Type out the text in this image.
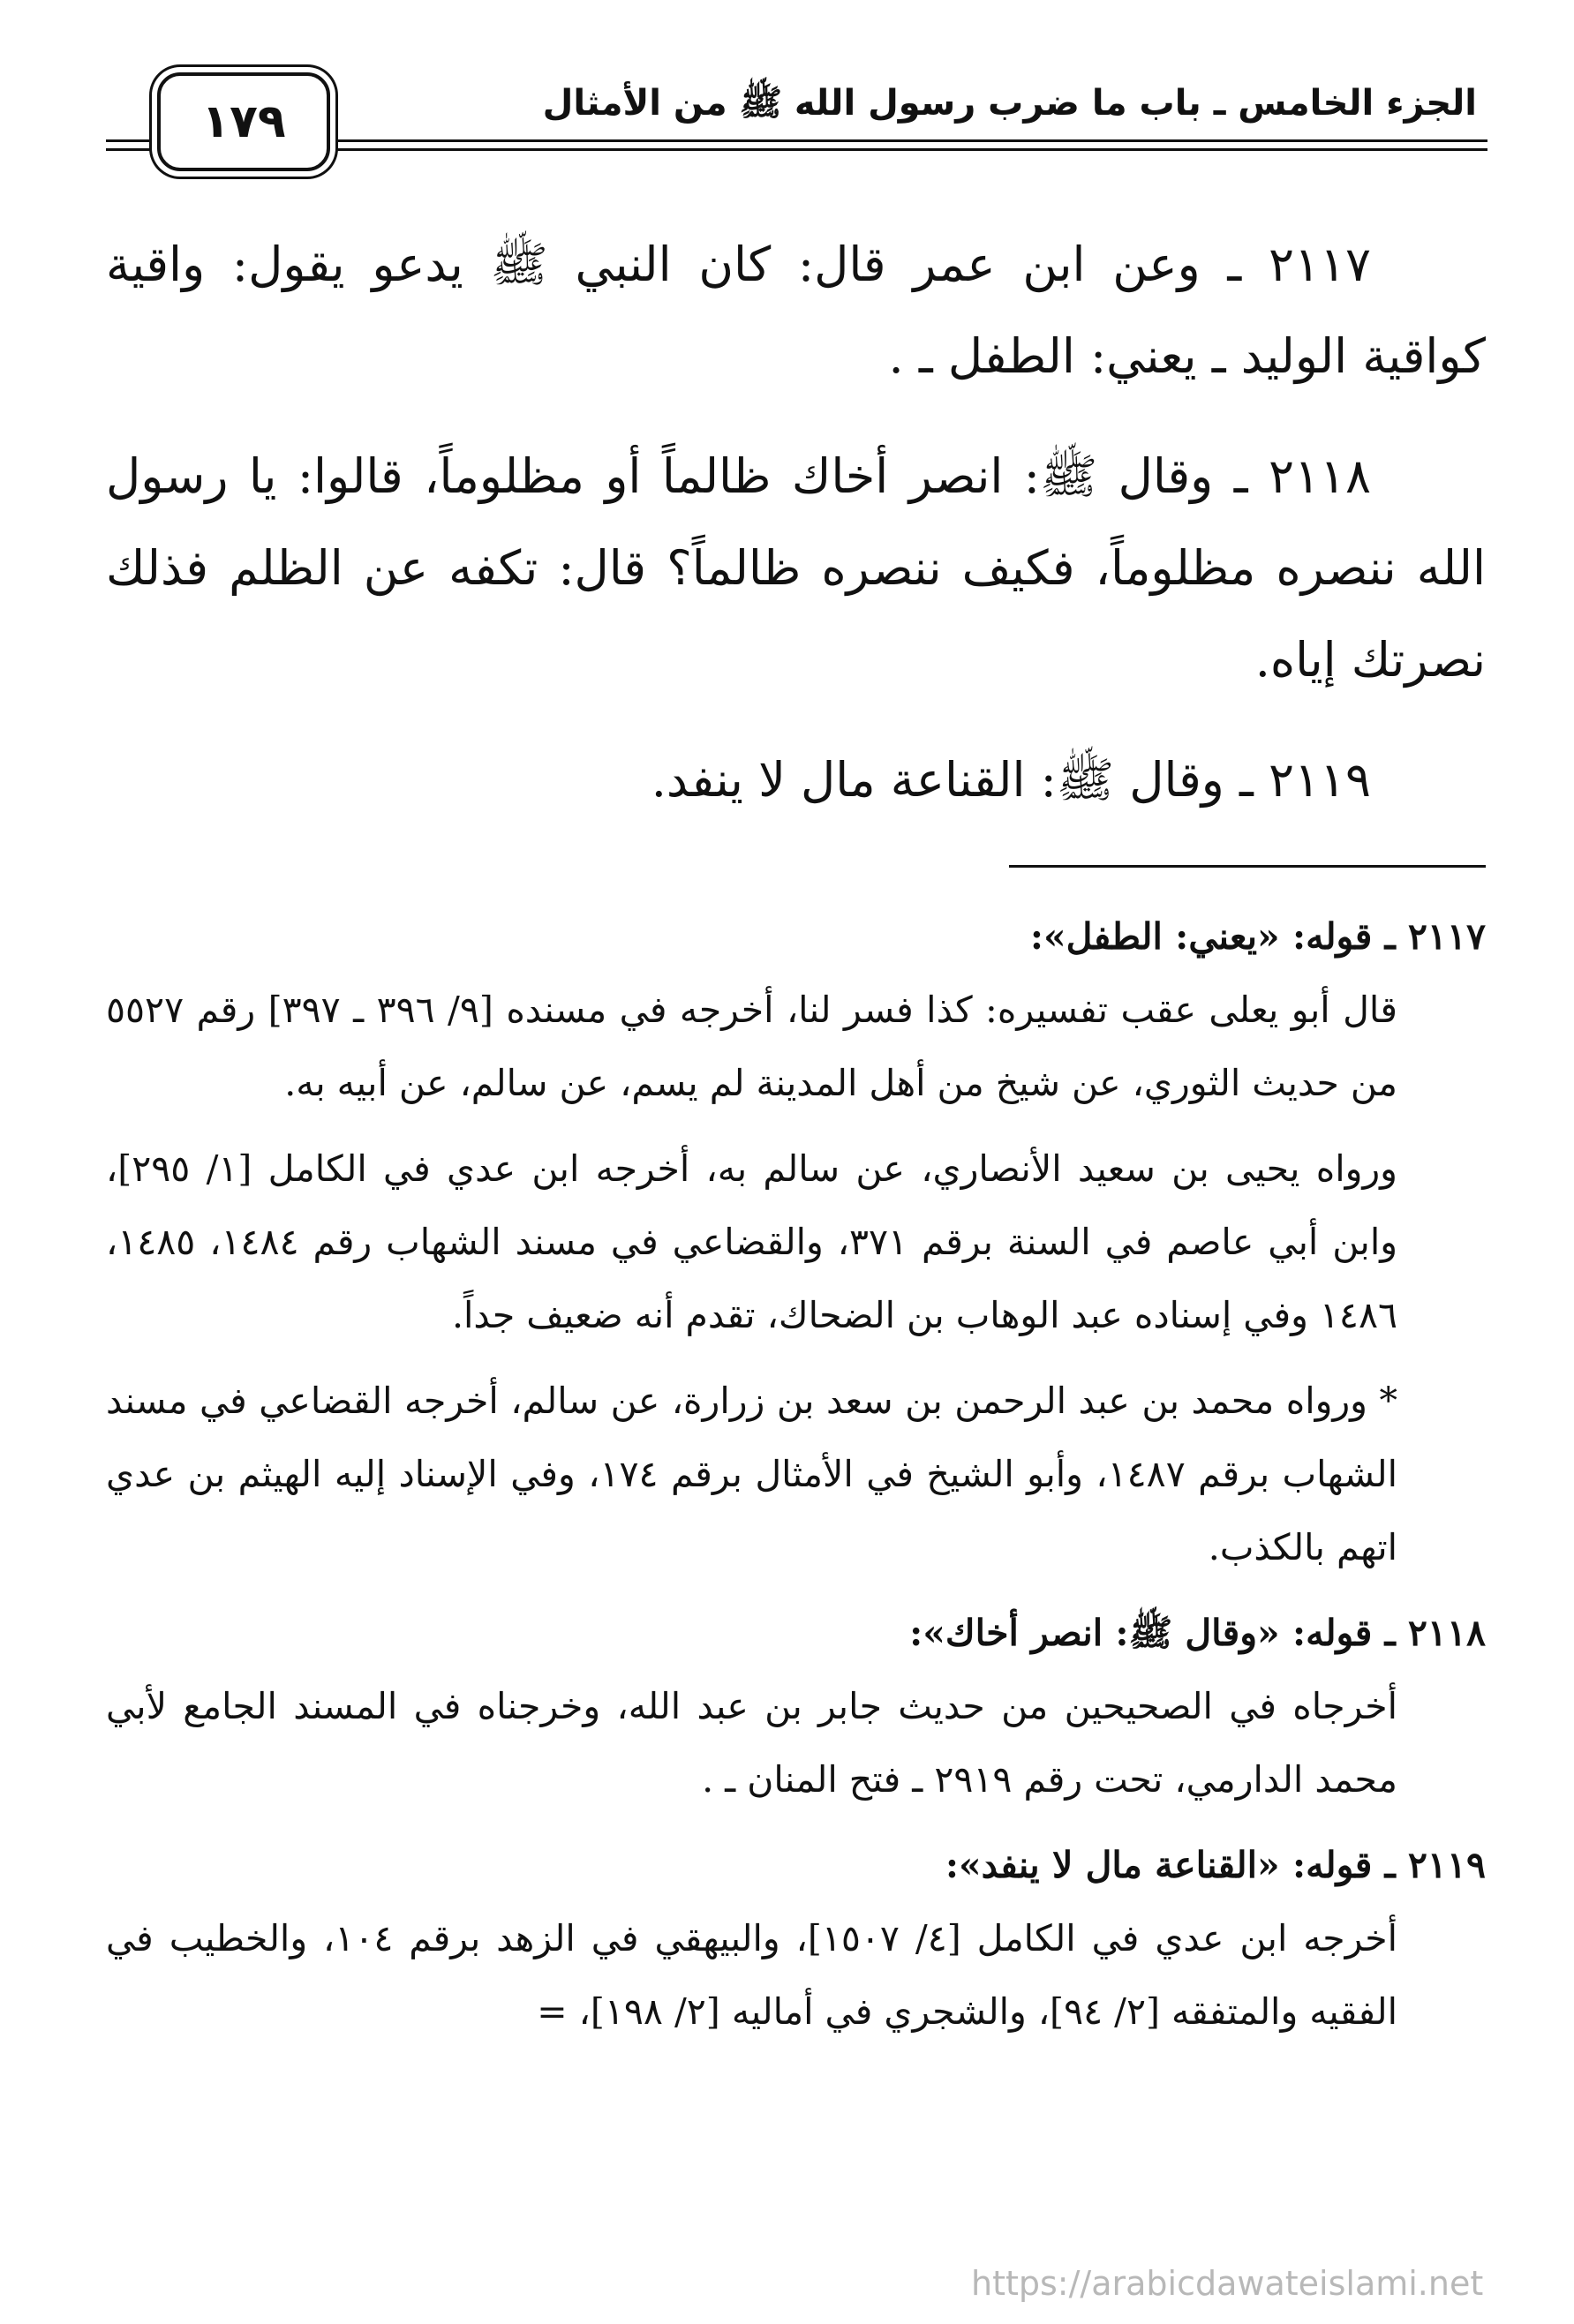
الجزء الخامس ـ باب ما ضرب رسول الله ﷺ من الأمثال
١٧٩

٢١١٧ ـ وعن ابن عمر قال: كان النبي ﷺ يدعو يقول: واقية كواقية الوليد ـ يعني: الطفل ـ .

٢١١٨ ـ وقال ﷺ: انصر أخاك ظالماً أو مظلوماً، قالوا: يا رسول الله ننصره مظلوماً، فكيف ننصره ظالماً؟ قال: تكفه عن الظلم فذلك نصرتك إياه.

٢١١٩ ـ وقال ﷺ: القناعة مال لا ينفد.

٢١١٧ ـ قوله: «يعني: الطفل»:

قال أبو يعلى عقب تفسيره: كذا فسر لنا، أخرجه في مسنده [٩/ ٣٩٦ ـ ٣٩٧] رقم ٥٥٢٧ من حديث الثوري، عن شيخ من أهل المدينة لم يسم، عن سالم، عن أبيه به.

ورواه يحيى بن سعيد الأنصاري، عن سالم به، أخرجه ابن عدي في الكامل [١/ ٢٩٥]، وابن أبي عاصم في السنة برقم ٣٧١، والقضاعي في مسند الشهاب رقم ١٤٨٤، ١٤٨٥، ١٤٨٦ وفي إسناده عبد الوهاب بن الضحاك، تقدم أنه ضعيف جداً.

* ورواه محمد بن عبد الرحمن بن سعد بن زرارة، عن سالم، أخرجه القضاعي في مسند الشهاب برقم ١٤٨٧، وأبو الشيخ في الأمثال برقم ١٧٤، وفي الإسناد إليه الهيثم بن عدي اتهم بالكذب.

٢١١٨ ـ قوله: «وقال ﷺ: انصر أخاك»:

أخرجاه في الصحيحين من حديث جابر بن عبد الله، وخرجناه في المسند الجامع لأبي محمد الدارمي، تحت رقم ٢٩١٩ ـ فتح المنان ـ .

٢١١٩ ـ قوله: «القناعة مال لا ينفد»:

أخرجه ابن عدي في الكامل [٤/ ١٥٠٧]، والبيهقي في الزهد برقم ١٠٤، والخطيب في الفقيه والمتفقه [٢/ ٩٤]، والشجري في أماليه [٢/ ١٩٨]، =

https://arabicdawateislami.net
